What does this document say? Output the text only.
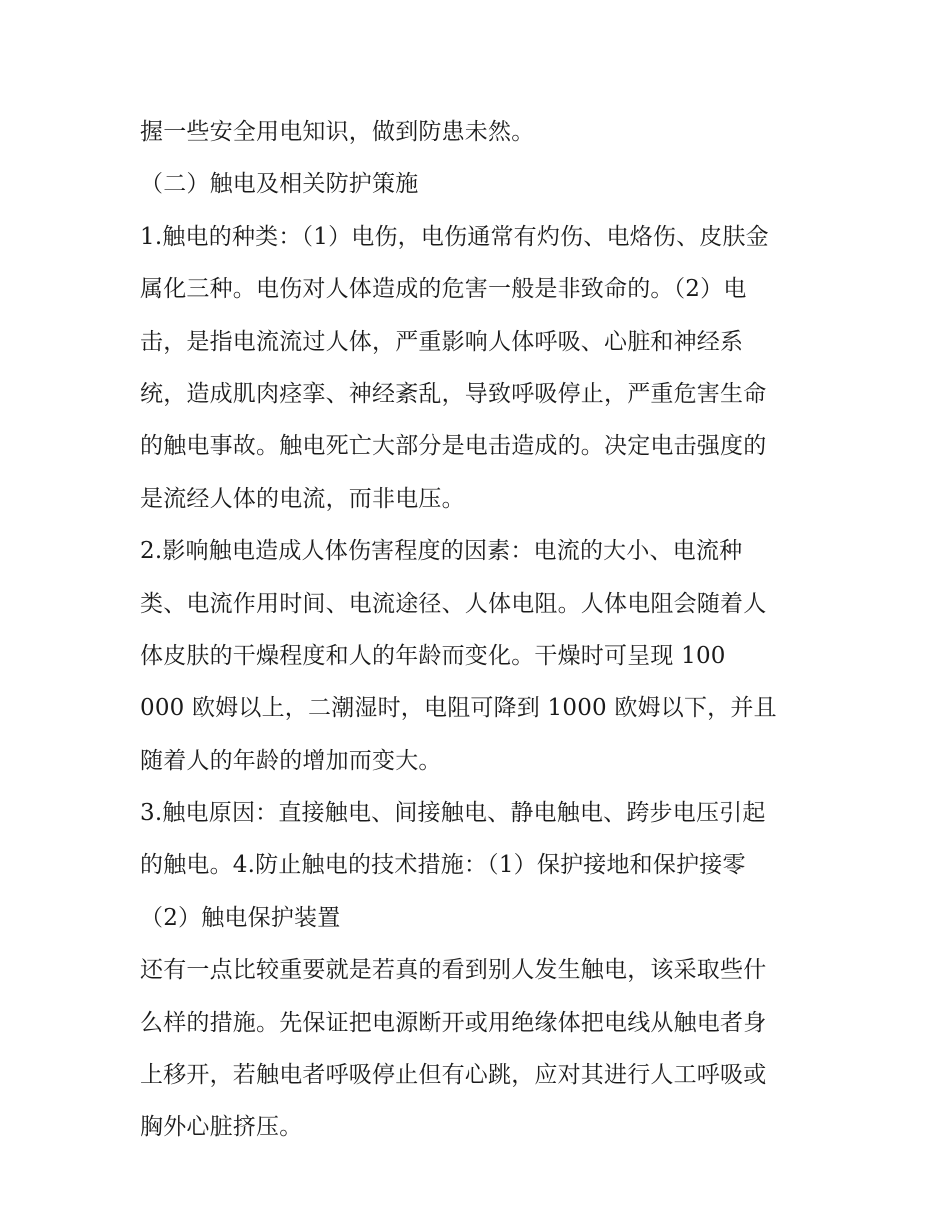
握一些安全用电知识，做到防患未然。
（二）触电及相关防护策施
1.触电的种类：（1）电伤，电伤通常有灼伤、电烙伤、皮肤金
属化三种。电伤对人体造成的危害一般是非致命的。（2）电
击，是指电流流过人体，严重影响人体呼吸、心脏和神经系
统，造成肌肉痉挛、神经紊乱，导致呼吸停止，严重危害生命
的触电事故。触电死亡大部分是电击造成的。决定电击强度的
是流经人体的电流，而非电压。
2.影响触电造成人体伤害程度的因素：电流的大小、电流种
类、电流作用时间、电流途径、人体电阻。人体电阻会随着人
体皮肤的干燥程度和人的年龄而变化。干燥时可呈现 100
000 欧姆以上，二潮湿时，电阻可降到 1000 欧姆以下，并且
随着人的年龄的增加而变大。
3.触电原因：直接触电、间接触电、静电触电、跨步电压引起
的触电。4.防止触电的技术措施：（1）保护接地和保护接零
（2）触电保护装置
还有一点比较重要就是若真的看到别人发生触电，该采取些什
么样的措施。先保证把电源断开或用绝缘体把电线从触电者身
上移开，若触电者呼吸停止但有心跳，应对其进行人工呼吸或
胸外心脏挤压。
